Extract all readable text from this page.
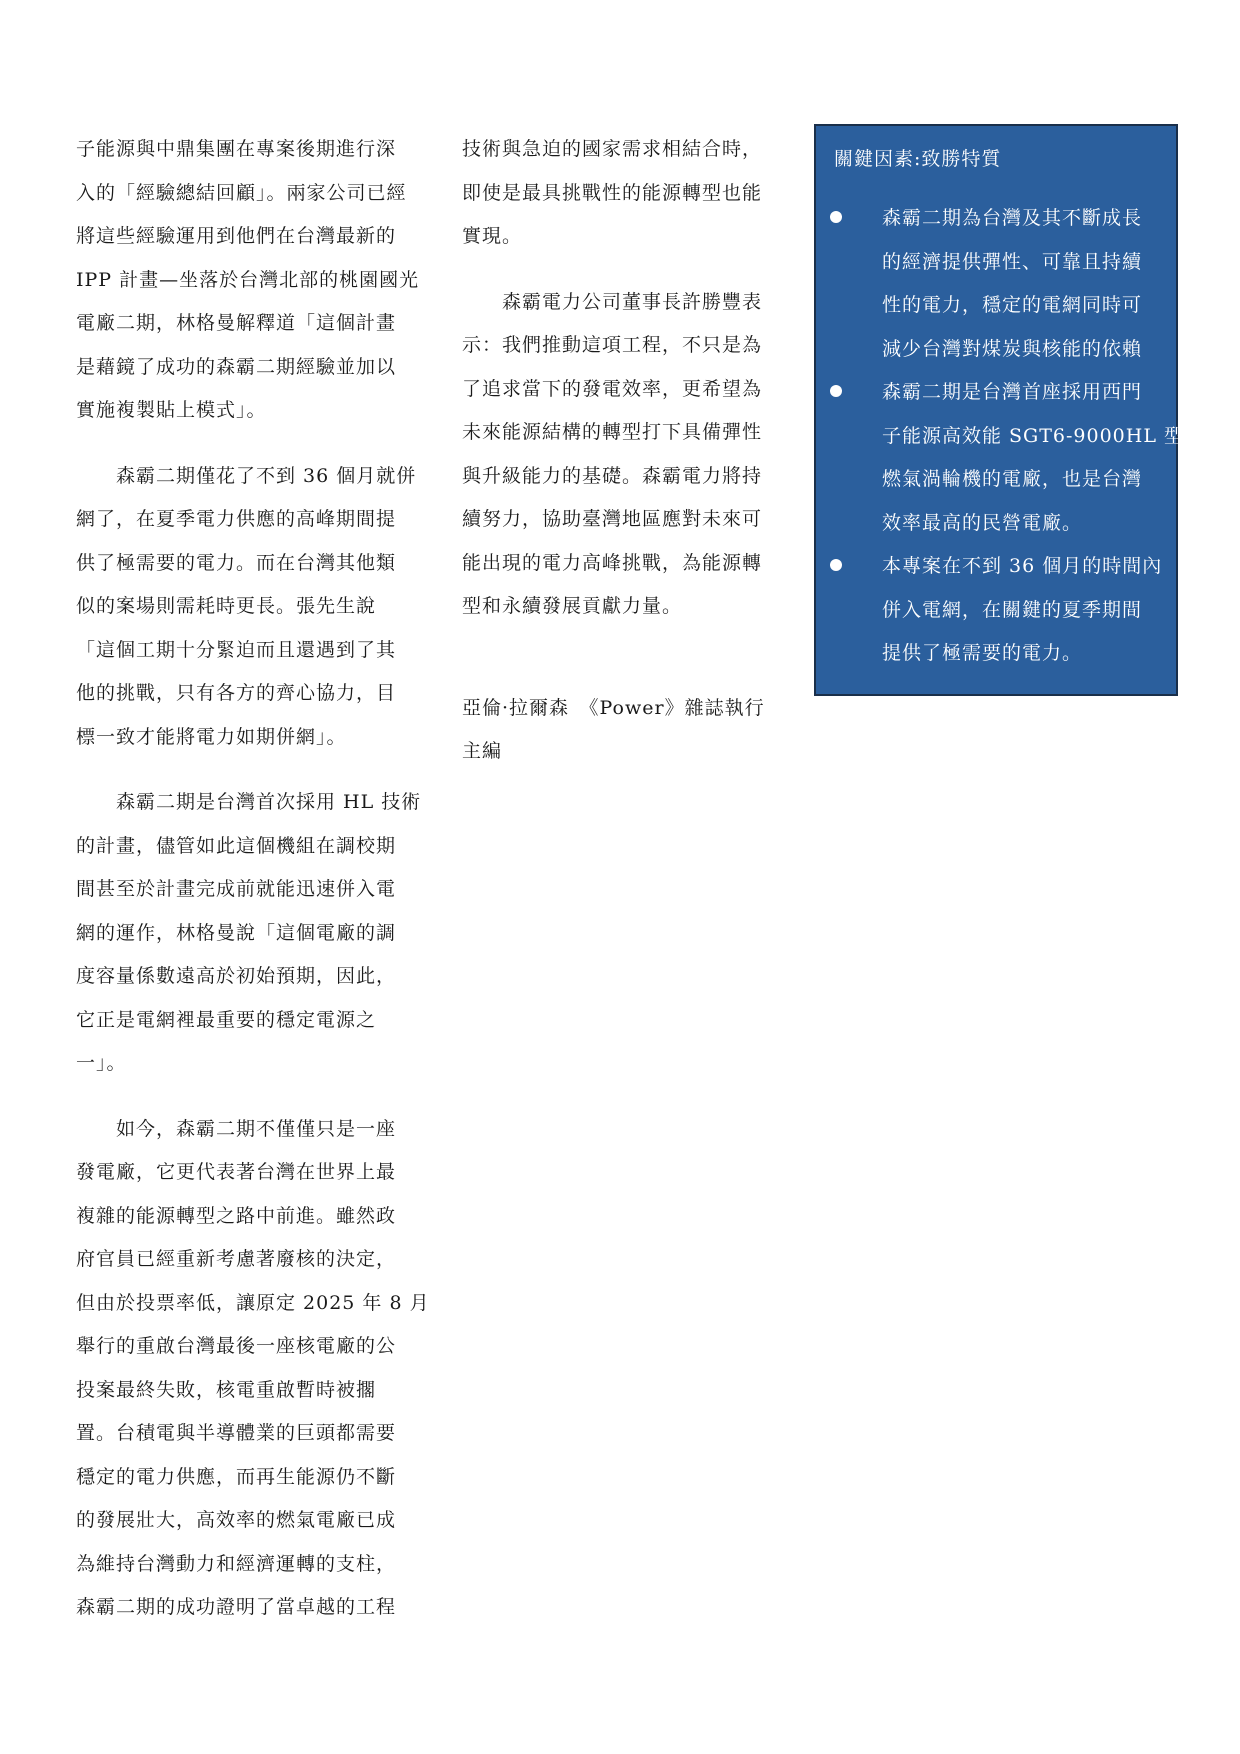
子能源與中鼎集團在專案後期進行深
入的「經驗總結回顧」。兩家公司已經
將這些經驗運用到他們在台灣最新的
IPP 計畫—坐落於台灣北部的桃園國光
電廠二期，林格曼解釋道「這個計畫
是藉鏡了成功的森霸二期經驗並加以
實施複製貼上模式」。
　　森霸二期僅花了不到 36 個月就併
網了，在夏季電力供應的高峰期間提
供了極需要的電力。而在台灣其他類
似的案場則需耗時更長。張先生說
「這個工期十分緊迫而且還遇到了其
他的挑戰，只有各方的齊心協力，目
標一致才能將電力如期併網」。
　　森霸二期是台灣首次採用 HL 技術
的計畫，儘管如此這個機組在調校期
間甚至於計畫完成前就能迅速併入電
網的運作，林格曼說「這個電廠的調
度容量係數遠高於初始預期，因此，
它正是電網裡最重要的穩定電源之
一」。
　　如今，森霸二期不僅僅只是一座
發電廠，它更代表著台灣在世界上最
複雜的能源轉型之路中前進。雖然政
府官員已經重新考慮著廢核的決定，
但由於投票率低，讓原定 2025 年 8 月
舉行的重啟台灣最後一座核電廠的公
投案最終失敗，核電重啟暫時被擱
置。台積電與半導體業的巨頭都需要
穩定的電力供應，而再生能源仍不斷
的發展壯大，高效率的燃氣電廠已成
為維持台灣動力和經濟運轉的支柱，
森霸二期的成功證明了當卓越的工程
技術與急迫的國家需求相結合時，
即使是最具挑戰性的能源轉型也能
實現。
　　森霸電力公司董事長許勝豐表
示：我們推動這項工程，不只是為
了追求當下的發電效率，更希望為
未來能源結構的轉型打下具備彈性
與升級能力的基礎。森霸電力將持
續努力，協助臺灣地區應對未來可
能出現的電力高峰挑戰，為能源轉
型和永續發展貢獻力量。
亞倫·拉爾森　《Power》雜誌執行
主編
關鍵因素:致勝特質
森霸二期為台灣及其不斷成長
的經濟提供彈性、可靠且持續
性的電力，穩定的電網同時可
減少台灣對煤炭與核能的依賴
森霸二期是台灣首座採用西門
子能源高效能 SGT6-9000HL 型
燃氣渦輪機的電廠，也是台灣
效率最高的民營電廠。
本專案在不到 36 個月的時間內
併入電網，在關鍵的夏季期間
提供了極需要的電力。
